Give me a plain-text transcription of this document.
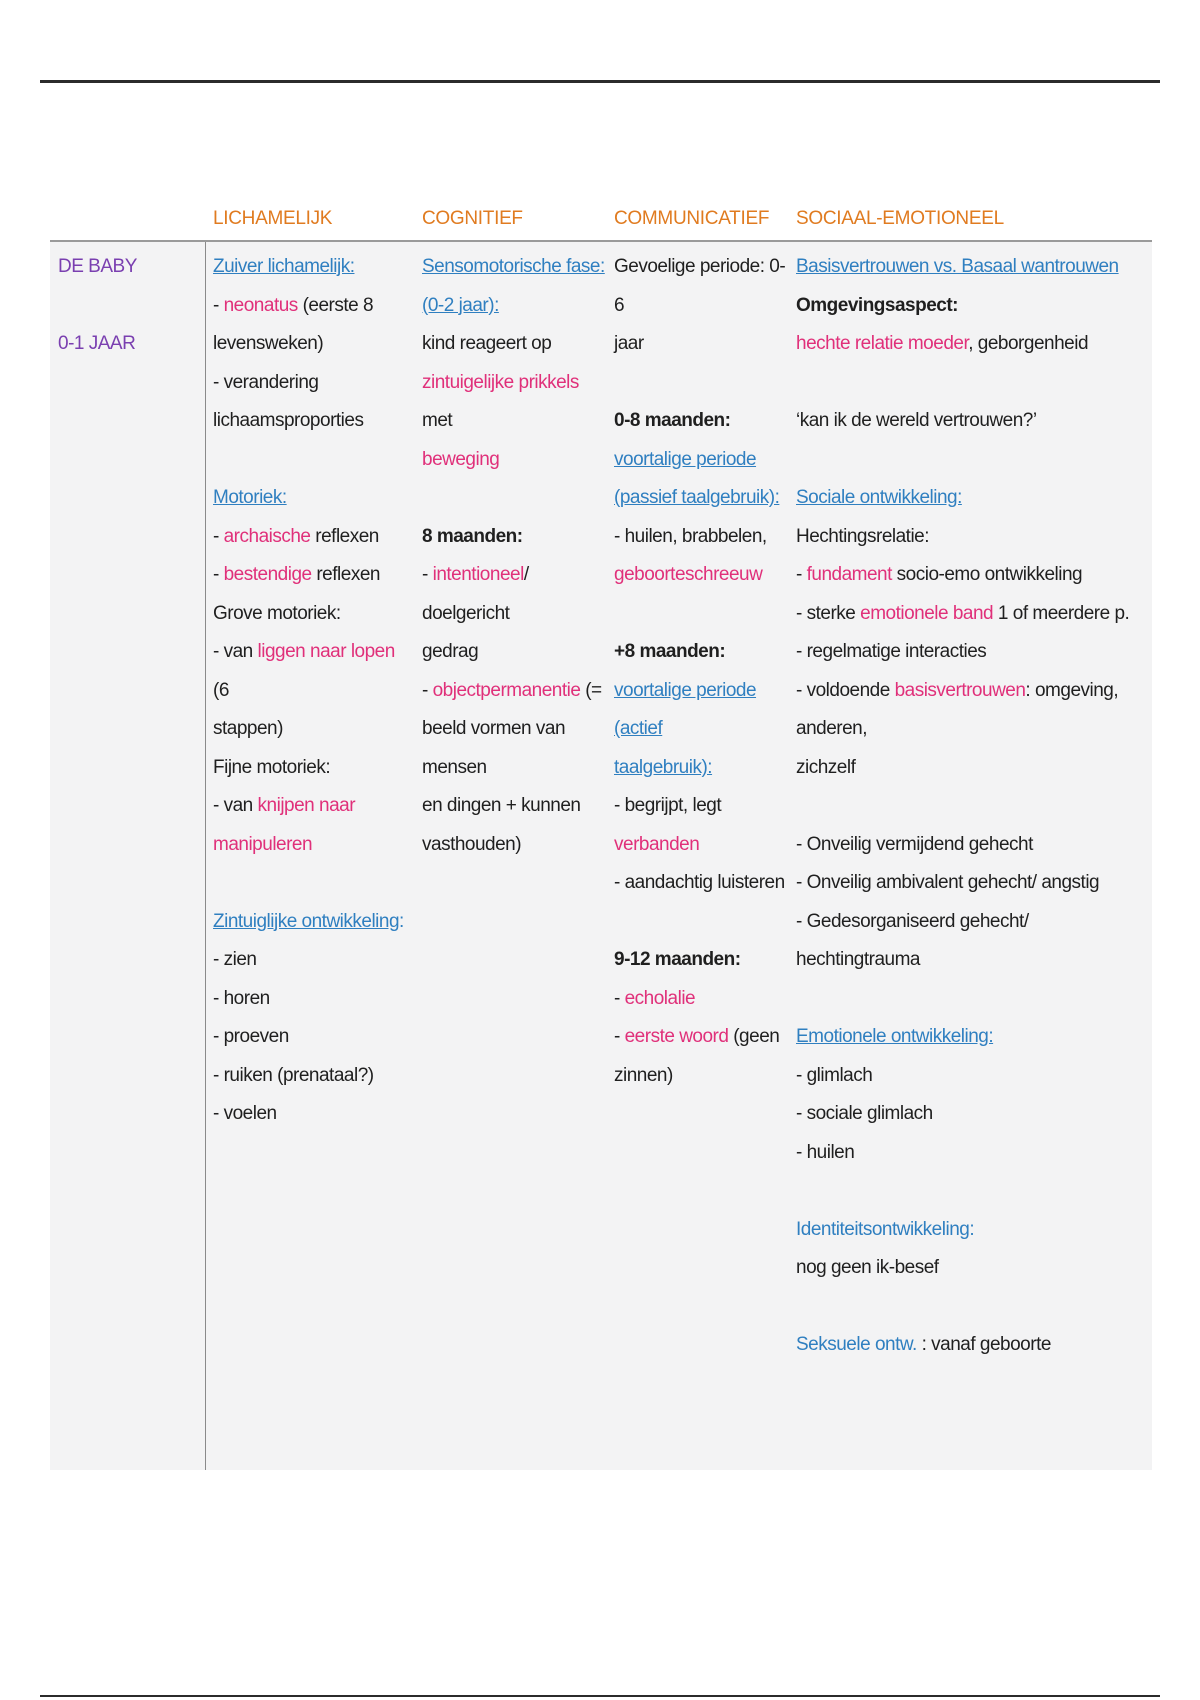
LICHAMELIJK	COGNITIEF	COMMUNICATIEF SOCIAAL-EMOTIONEEL

DE BABY

0-1 JAAR

Zuiver lichamelijk:

- neonatus (eerste 8

levensweken)

- verandering

lichaamsproporties

Motoriek:

- archaische reflexen

- bestendige reflexen

Grove motoriek:

- van liggen naar lopen (6

stappen)

Fijne motoriek:

- van knijpen naar

manipuleren

Zintuiglijke ontwikkeling:

- zien

- horen

- proeven

- ruiken (prenataal?)

- voelen

Sensomotorische fase:

(0-2 jaar):

kind reageert op

zintuigelijke prikkels met

beweging

8 maanden:

- intentioneel/ doelgericht

gedrag

- objectpermanentie (=

beeld vormen van mensen

en dingen + kunnen

vasthouden)

Gevoelige periode: 0-6

jaar

0-8 maanden:

voortalige periode

(passief taalgebruik):

- huilen, brabbelen,

geboorteschreeuw

+8 maanden:

voortalige periode (actief

taalgebruik):

- begrijpt, legt verbanden

- aandachtig luisteren

9-12 maanden:

- echolalie

- eerste woord (geen

zinnen)

Basisvertrouwen vs. Basaal wantrouwen

Omgevingsaspect:

hechte relatie moeder, geborgenheid

‘kan ik de wereld vertrouwen?’

Sociale ontwikkeling:

Hechtingsrelatie:

- fundament socio-emo ontwikkeling

- sterke emotionele band 1 of meerdere p.

- regelmatige interacties

- voldoende basisvertrouwen: omgeving, anderen,

zichzelf

- Onveilig vermijdend gehecht

- Onveilig ambivalent gehecht/ angstig

- Gedesorganiseerd gehecht/ hechtingtrauma

Emotionele ontwikkeling:

- glimlach

- sociale glimlach

- huilen

Identiteitsontwikkeling:

nog geen ik-besef

Seksuele ontw. : vanaf geboorte
